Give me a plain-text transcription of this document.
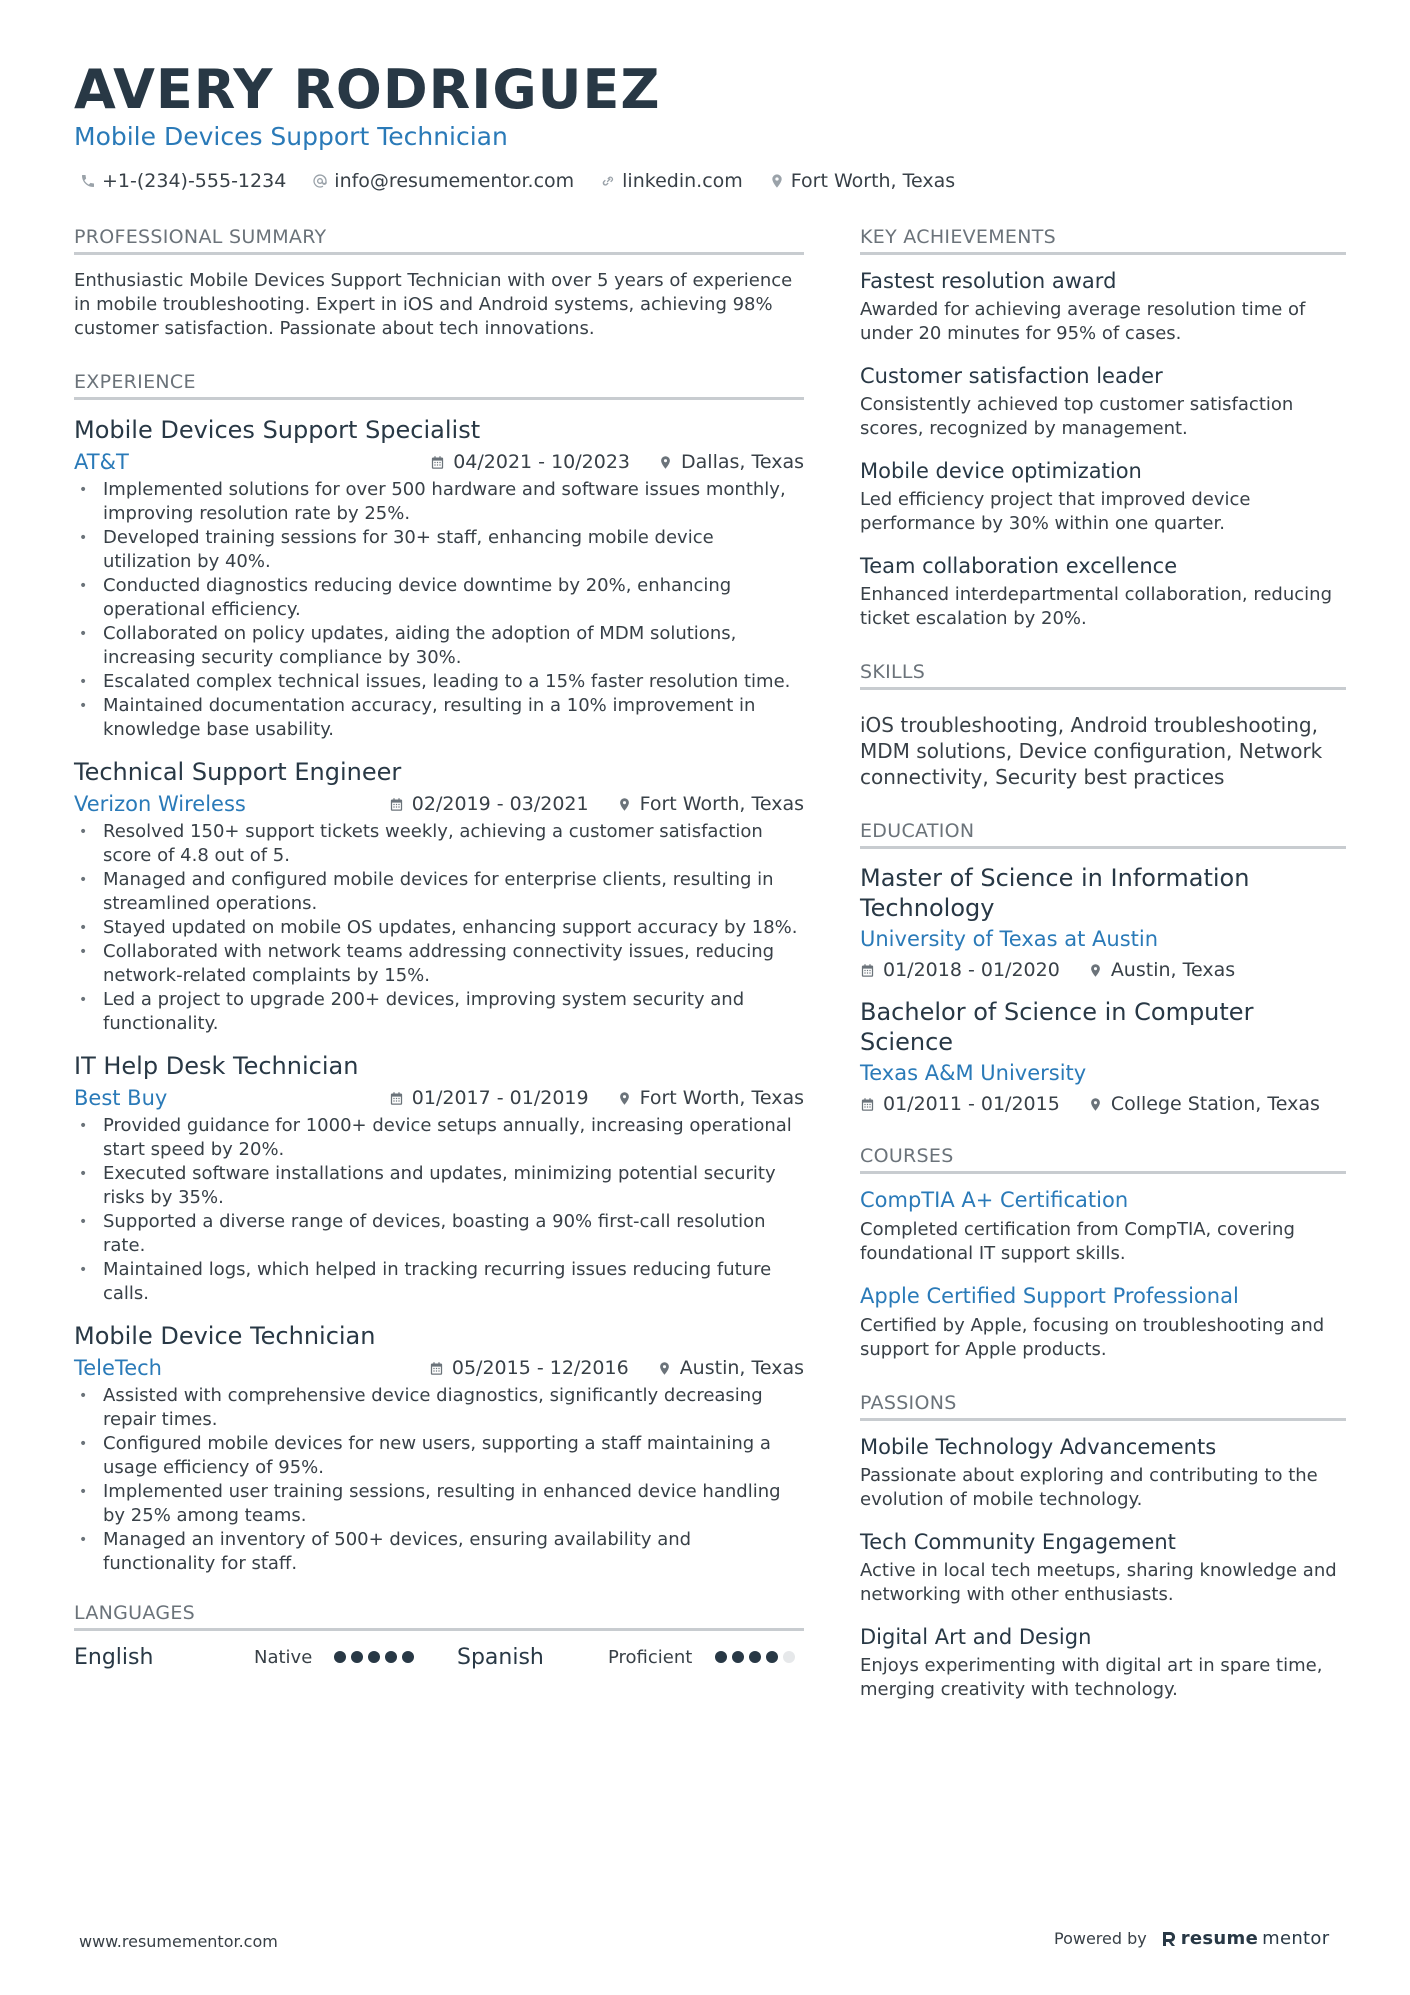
AVERY RODRIGUEZ
Mobile Devices Support Technician
+1-(234)-555-1234	info@resumementor.com	linkedin.com	Fort Worth, Texas
PROFESSIONAL SUMMARY
Enthusiastic Mobile Devices Support Technician with over 5 years of experience in mobile troubleshooting. Expert in iOS and Android systems, achieving 98% customer satisfaction. Passionate about tech innovations.
EXPERIENCE
Mobile Devices Support Specialist
AT&T	04/2021 - 10/2023	Dallas, Texas
• Implemented solutions for over 500 hardware and software issues monthly, improving resolution rate by 25%.
• Developed training sessions for 30+ staff, enhancing mobile device utilization by 40%.
• Conducted diagnostics reducing device downtime by 20%, enhancing operational efficiency.
• Collaborated on policy updates, aiding the adoption of MDM solutions, increasing security compliance by 30%.
• Escalated complex technical issues, leading to a 15% faster resolution time.
• Maintained documentation accuracy, resulting in a 10% improvement in knowledge base usability.
Technical Support Engineer
Verizon Wireless	02/2019 - 03/2021	Fort Worth, Texas
• Resolved 150+ support tickets weekly, achieving a customer satisfaction score of 4.8 out of 5.
• Managed and configured mobile devices for enterprise clients, resulting in streamlined operations.
• Stayed updated on mobile OS updates, enhancing support accuracy by 18%.
• Collaborated with network teams addressing connectivity issues, reducing network-related complaints by 15%.
• Led a project to upgrade 200+ devices, improving system security and functionality.
IT Help Desk Technician
Best Buy	01/2017 - 01/2019	Fort Worth, Texas
• Provided guidance for 1000+ device setups annually, increasing operational start speed by 20%.
• Executed software installations and updates, minimizing potential security risks by 35%.
• Supported a diverse range of devices, boasting a 90% first-call resolution rate.
• Maintained logs, which helped in tracking recurring issues reducing future calls.
Mobile Device Technician
TeleTech	05/2015 - 12/2016	Austin, Texas
• Assisted with comprehensive device diagnostics, significantly decreasing repair times.
• Configured mobile devices for new users, supporting a staff maintaining a usage efficiency of 95%.
• Implemented user training sessions, resulting in enhanced device handling by 25% among teams.
• Managed an inventory of 500+ devices, ensuring availability and functionality for staff.
LANGUAGES
English	Native	Spanish	Proficient
KEY ACHIEVEMENTS
Fastest resolution award
Awarded for achieving average resolution time of under 20 minutes for 95% of cases.
Customer satisfaction leader
Consistently achieved top customer satisfaction scores, recognized by management.
Mobile device optimization
Led efficiency project that improved device performance by 30% within one quarter.
Team collaboration excellence
Enhanced interdepartmental collaboration, reducing ticket escalation by 20%.
SKILLS
iOS troubleshooting, Android troubleshooting, MDM solutions, Device configuration, Network connectivity, Security best practices
EDUCATION
Master of Science in Information Technology
University of Texas at Austin
01/2018 - 01/2020	Austin, Texas
Bachelor of Science in Computer Science
Texas A&M University
01/2011 - 01/2015	College Station, Texas
COURSES
CompTIA A+ Certification
Completed certification from CompTIA, covering foundational IT support skills.
Apple Certified Support Professional
Certified by Apple, focusing on troubleshooting and support for Apple products.
PASSIONS
Mobile Technology Advancements
Passionate about exploring and contributing to the evolution of mobile technology.
Tech Community Engagement
Active in local tech meetups, sharing knowledge and networking with other enthusiasts.
Digital Art and Design
Enjoys experimenting with digital art in spare time, merging creativity with technology.
www.resumementor.com	Powered by resume mentor
